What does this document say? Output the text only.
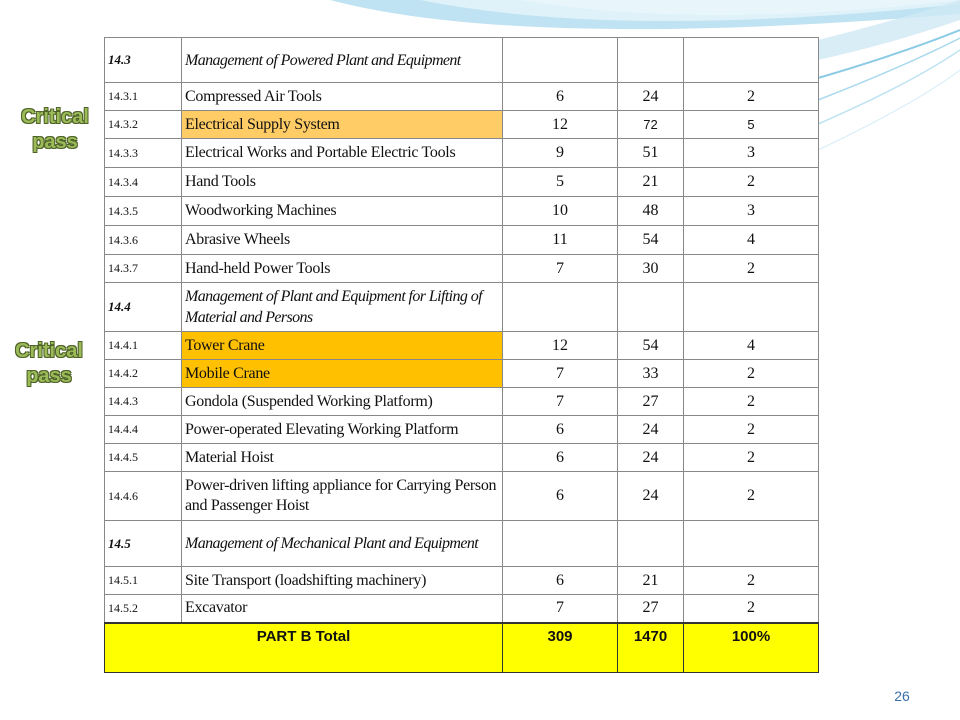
Critical pass
Critical pass
14.3	Management of Powered Plant and Equipment			
14.3.1	Compressed Air Tools	6	24	2
14.3.2	Electrical Supply System	12	72	5
14.3.3	Electrical Works and Portable Electric Tools	9	51	3
14.3.4	Hand Tools	5	21	2
14.3.5	Woodworking Machines	10	48	3
14.3.6	Abrasive Wheels	11	54	4
14.3.7	Hand-held Power Tools	7	30	2
14.4	Management of Plant and Equipment for Lifting of Material and Persons			
14.4.1	Tower Crane	12	54	4
14.4.2	Mobile Crane	7	33	2
14.4.3	Gondola (Suspended Working Platform)	7	27	2
14.4.4	Power-operated Elevating Working Platform	6	24	2
14.4.5	Material Hoist	6	24	2
14.4.6	Power-driven lifting appliance for Carrying Person and Passenger Hoist	6	24	2
14.5	Management of Mechanical Plant and Equipment			
14.5.1	Site Transport (loadshifting machinery)	6	21	2
14.5.2	Excavator	7	27	2
PART B Total		309	1470	100%
26
